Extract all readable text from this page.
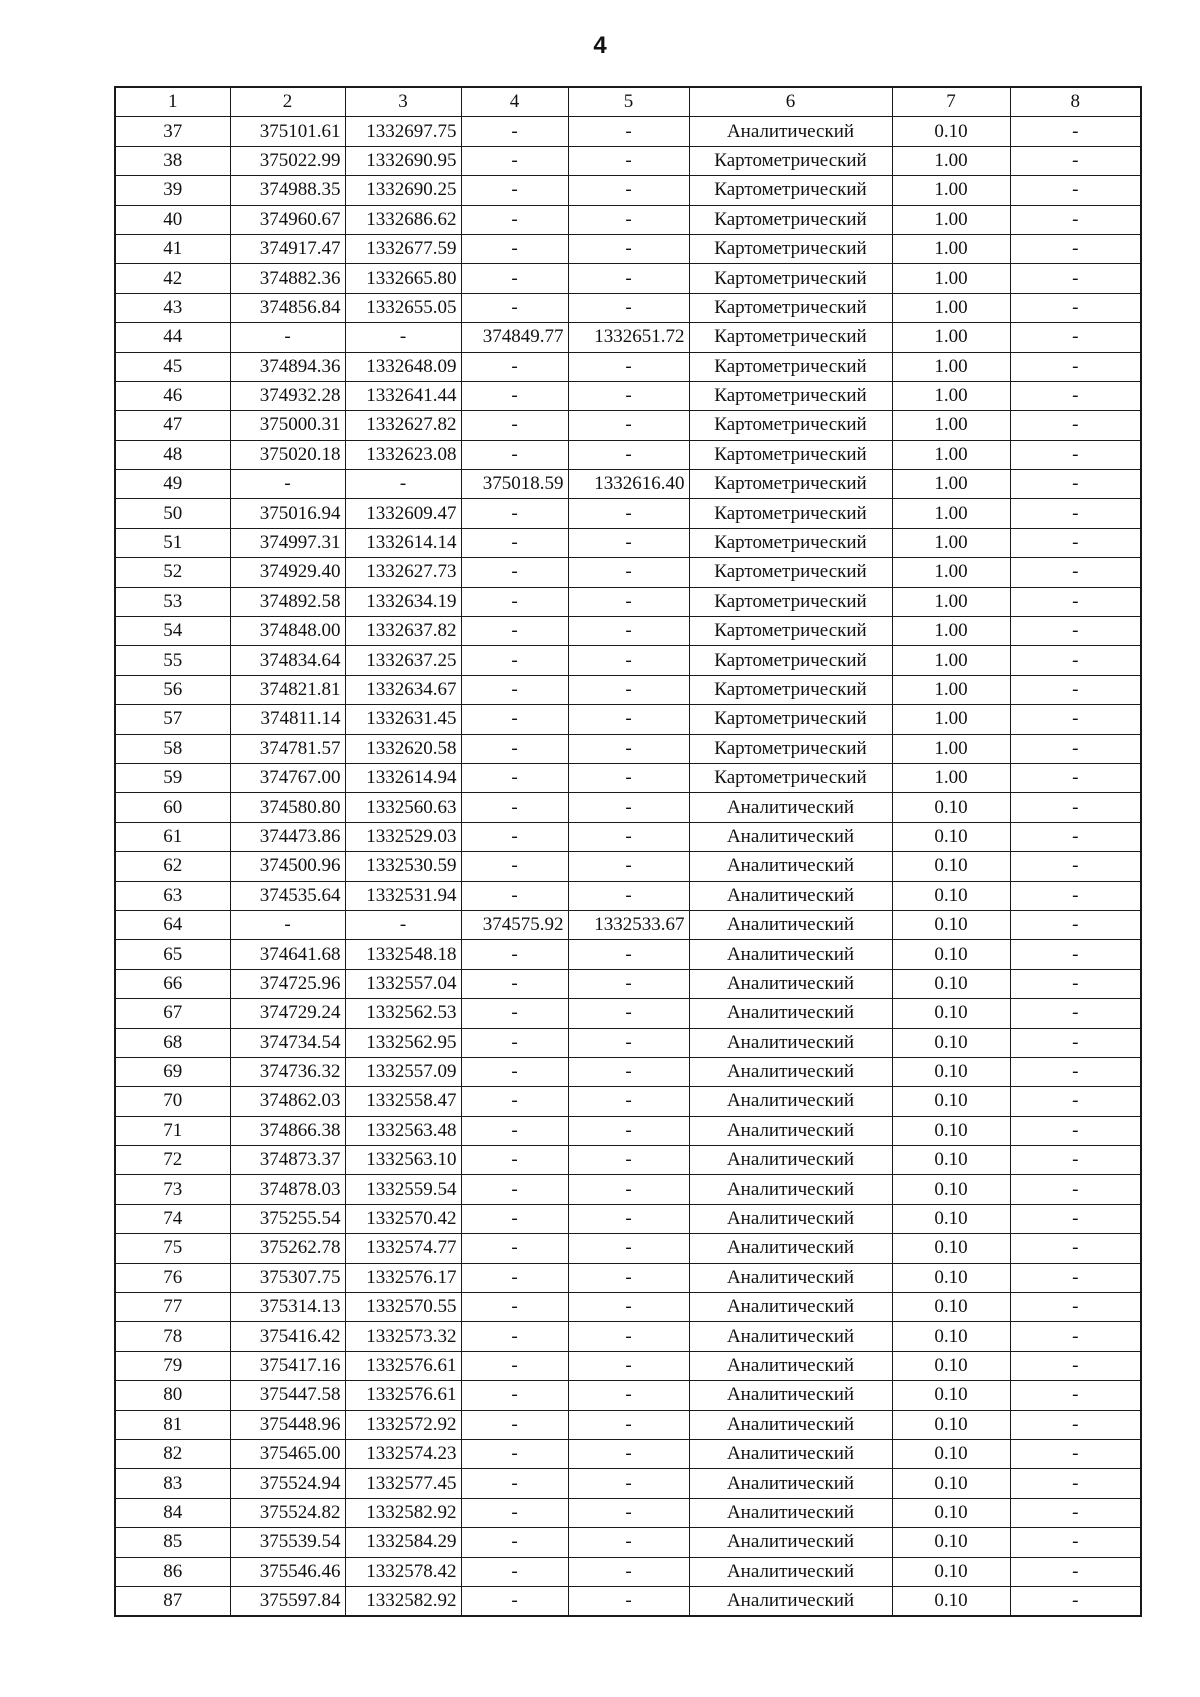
4
1	2	3	4	5	6	7	8
37	375101.61	1332697.75	-	-	Аналитический	0.10	-
38	375022.99	1332690.95	-	-	Картометрический	1.00	-
39	374988.35	1332690.25	-	-	Картометрический	1.00	-
40	374960.67	1332686.62	-	-	Картометрический	1.00	-
41	374917.47	1332677.59	-	-	Картометрический	1.00	-
42	374882.36	1332665.80	-	-	Картометрический	1.00	-
43	374856.84	1332655.05	-	-	Картометрический	1.00	-
44	-	-	374849.77	1332651.72	Картометрический	1.00	-
45	374894.36	1332648.09	-	-	Картометрический	1.00	-
46	374932.28	1332641.44	-	-	Картометрический	1.00	-
47	375000.31	1332627.82	-	-	Картометрический	1.00	-
48	375020.18	1332623.08	-	-	Картометрический	1.00	-
49	-	-	375018.59	1332616.40	Картометрический	1.00	-
50	375016.94	1332609.47	-	-	Картометрический	1.00	-
51	374997.31	1332614.14	-	-	Картометрический	1.00	-
52	374929.40	1332627.73	-	-	Картометрический	1.00	-
53	374892.58	1332634.19	-	-	Картометрический	1.00	-
54	374848.00	1332637.82	-	-	Картометрический	1.00	-
55	374834.64	1332637.25	-	-	Картометрический	1.00	-
56	374821.81	1332634.67	-	-	Картометрический	1.00	-
57	374811.14	1332631.45	-	-	Картометрический	1.00	-
58	374781.57	1332620.58	-	-	Картометрический	1.00	-
59	374767.00	1332614.94	-	-	Картометрический	1.00	-
60	374580.80	1332560.63	-	-	Аналитический	0.10	-
61	374473.86	1332529.03	-	-	Аналитический	0.10	-
62	374500.96	1332530.59	-	-	Аналитический	0.10	-
63	374535.64	1332531.94	-	-	Аналитический	0.10	-
64	-	-	374575.92	1332533.67	Аналитический	0.10	-
65	374641.68	1332548.18	-	-	Аналитический	0.10	-
66	374725.96	1332557.04	-	-	Аналитический	0.10	-
67	374729.24	1332562.53	-	-	Аналитический	0.10	-
68	374734.54	1332562.95	-	-	Аналитический	0.10	-
69	374736.32	1332557.09	-	-	Аналитический	0.10	-
70	374862.03	1332558.47	-	-	Аналитический	0.10	-
71	374866.38	1332563.48	-	-	Аналитический	0.10	-
72	374873.37	1332563.10	-	-	Аналитический	0.10	-
73	374878.03	1332559.54	-	-	Аналитический	0.10	-
74	375255.54	1332570.42	-	-	Аналитический	0.10	-
75	375262.78	1332574.77	-	-	Аналитический	0.10	-
76	375307.75	1332576.17	-	-	Аналитический	0.10	-
77	375314.13	1332570.55	-	-	Аналитический	0.10	-
78	375416.42	1332573.32	-	-	Аналитический	0.10	-
79	375417.16	1332576.61	-	-	Аналитический	0.10	-
80	375447.58	1332576.61	-	-	Аналитический	0.10	-
81	375448.96	1332572.92	-	-	Аналитический	0.10	-
82	375465.00	1332574.23	-	-	Аналитический	0.10	-
83	375524.94	1332577.45	-	-	Аналитический	0.10	-
84	375524.82	1332582.92	-	-	Аналитический	0.10	-
85	375539.54	1332584.29	-	-	Аналитический	0.10	-
86	375546.46	1332578.42	-	-	Аналитический	0.10	-
87	375597.84	1332582.92	-	-	Аналитический	0.10	-
